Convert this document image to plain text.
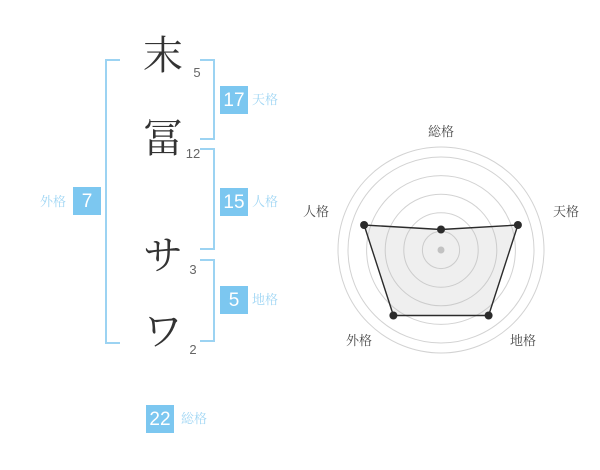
末
冨
サ
ワ
5
12
3
2
17 天格
15 人格
5 地格
外格 7
22 総格
総格
天格
地格
外格
人格
